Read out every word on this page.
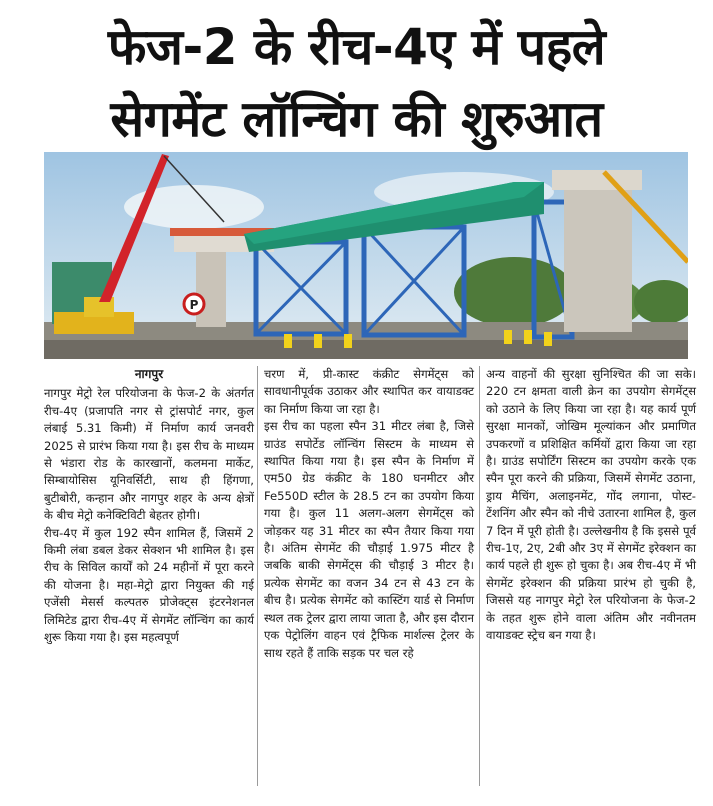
फेज-2 के रीच-4ए में पहले
सेगमेंट लॉन्चिंग की शुरुआत
P
नागपुर

नागपुर मेट्रो रेल परियोजना के फेज-2 के अंतर्गत रीच-4ए (प्रजापति नगर से ट्रांसपोर्ट नगर, कुल लंबाई 5.31 किमी) में निर्माण कार्य जनवरी 2025 से प्रारंभ किया गया है। इस रीच के माध्यम से भंडारा रोड के कारखानों, कलमना मार्केट, सिम्बायोसिस यूनिवर्सिटी, साथ ही हिंगणा, बुटीबोरी, कन्हान और नागपुर शहर के अन्य क्षेत्रों के बीच मेट्रो कनेक्टिविटी बेहतर होगी।

रीच-4ए में कुल 192 स्पैन शामिल हैं, जिसमें 2 किमी लंबा डबल डेकर सेक्शन भी शामिल है। इस रीच के सिविल कार्यों को 24 महीनों में पूरा करने की योजना है। महा-मेट्रो द्वारा नियुक्त की गई एजेंसी मेसर्स कल्पतरु प्रोजेक्ट्स इंटरनेशनल लिमिटेड द्वारा रीच-4ए में सेगमेंट लॉन्चिंग का कार्य शुरू किया गया है। इस महत्वपूर्ण

चरण में, प्री-कास्ट कंक्रीट सेगमेंट्स को सावधानीपूर्वक उठाकर और स्थापित कर वायाडक्ट का निर्माण किया जा रहा है।

इस रीच का पहला स्पैन 31 मीटर लंबा है, जिसे ग्राउंड सपोर्टेड लॉन्चिंग सिस्टम के माध्यम से स्थापित किया गया है। इस स्पैन के निर्माण में एम50 ग्रेड कंक्रीट के 180 घनमीटर और Fe550D स्टील के 28.5 टन का उपयोग किया गया है। कुल 11 अलग-अलग सेगमेंट्स को जोड़कर यह 31 मीटर का स्पैन तैयार किया गया है। अंतिम सेगमेंट की चौड़ाई 1.975 मीटर है जबकि बाकी सेगमेंट्स की चौड़ाई 3 मीटर है। प्रत्येक सेगमेंट का वजन 34 टन से 43 टन के बीच है। प्रत्येक सेगमेंट को कास्टिंग यार्ड से निर्माण स्थल तक ट्रेलर द्वारा लाया जाता है, और इस दौरान एक पेट्रोलिंग वाहन एवं ट्रैफिक मार्शल्स ट्रेलर के साथ रहते हैं ताकि सड़क पर चल रहे

अन्य वाहनों की सुरक्षा सुनिश्चित की जा सके। 220 टन क्षमता वाली क्रेन का उपयोग सेगमेंट्स को उठाने के लिए किया जा रहा है। यह कार्य पूर्ण सुरक्षा मानकों, जोखिम मूल्यांकन और प्रमाणित उपकरणों व प्रशिक्षित कर्मियों द्वारा किया जा रहा है। ग्राउंड सपोर्टिंग सिस्टम का उपयोग करके एक स्पैन पूरा करने की प्रक्रिया, जिसमें सेगमेंट उठाना, ड्राय मैचिंग, अलाइनमेंट, गोंद लगाना, पोस्ट-टेंशनिंग और स्पैन को नीचे उतारना शामिल है, कुल 7 दिन में पूरी होती है। उल्लेखनीय है कि इससे पूर्व रीच-1ए, 2ए, 2बी और 3ए में सेगमेंट इरेक्शन का कार्य पहले ही शुरू हो चुका है। अब रीच-4ए में भी सेगमेंट इरेक्शन की प्रक्रिया प्रारंभ हो चुकी है, जिससे यह नागपुर मेट्रो रेल परियोजना के फेज-2 के तहत शुरू होने वाला अंतिम और नवीनतम वायाडक्ट स्ट्रेच बन गया है।
